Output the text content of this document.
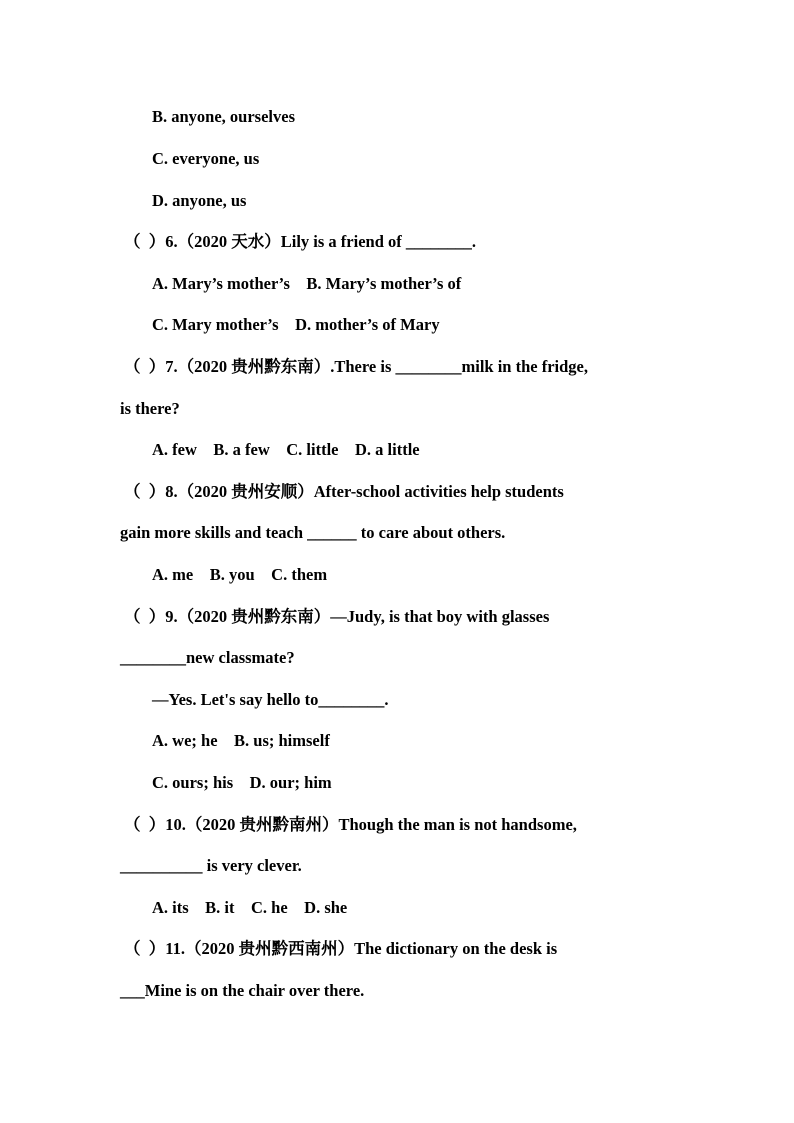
B. anyone, ourselves
C. everyone, us
D. anyone, us
（  ）6.（2020 天水）Lily is a friend of ________.
A. Mary’s mother’s    B. Mary’s mother’s of
C. Mary mother’s    D. mother’s of Mary
（  ）7.（2020 贵州黔东南）.There is ________milk in the fridge,
is there?
A. few    B. a few    C. little    D. a little
（  ）8.（2020 贵州安顺）After-school activities help students
gain more skills and teach ______ to care about others.
A. me    B. you    C. them
（  ）9.（2020 贵州黔东南）—Judy, is that boy with glasses
________new classmate?
—Yes. Let's say hello to________.
A. we; he    B. us; himself
C. ours; his    D. our; him
（  ）10.（2020 贵州黔南州）Though the man is not handsome,
__________ is very clever.
A. its    B. it    C. he    D. she
（  ）11.（2020 贵州黔西南州）The dictionary on the desk is
___Mine is on the chair over there.
